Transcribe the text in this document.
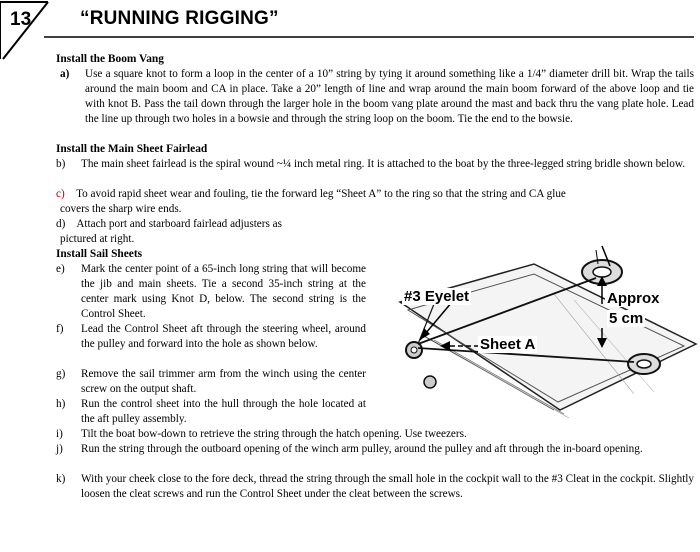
13	“RUNNING RIGGING”
Install the Boom Vang
a) Use a square knot to form a loop in the center of a 10” string by tying it around something like a 1/4” diameter drill bit. Wrap the tails around the main boom and CA in place. Take a 20” length of line and wrap around the main boom forward of the above loop and tie with knot B. Pass the tail down through the larger hole in the boom vang plate around the mast and back thru the vang plate hole. Lead the line up through two holes in a bowsie and through the string loop on the boom. Tie the end to the bowsie.
Install the Main Sheet Fairlead
b) The main sheet fairlead is the spiral wound ~¼ inch metal ring. It is attached to the boat by the three-legged string bridle shown below.
c) To avoid rapid sheet wear and fouling, tie the forward leg “Sheet A” to the ring so that the string and CA glue
covers the sharp wire ends.
d) Attach port and starboard fairlead adjusters as
pictured at right.
Install Sail Sheets
e) Mark the center point of a 65-inch long string that will become the jib and main sheets. Tie a second 35-inch string at the center mark using Knot D, below. The second string is the Control Sheet.
f) Lead the Control Sheet aft through the steering wheel, around the pulley and forward into the hole as shown below.
g) Remove the sail trimmer arm from the winch using the center screw on the output shaft.
h) Run the control sheet into the hull through the hole located at the aft pulley assembly.
i) Tilt the boat bow-down to retrieve the string through the hatch opening. Use tweezers.
j) Run the string through the outboard opening of the winch arm pulley, around the pulley and aft through the in-board opening.
k) With your cheek close to the fore deck, thread the string through the small hole in the cockpit wall to the #3 Cleat in the cockpit. Slightly loosen the cleat screws and run the Control Sheet under the cleat between the screws.
#3 Eyelet
Sheet A
Approx
5 cm
